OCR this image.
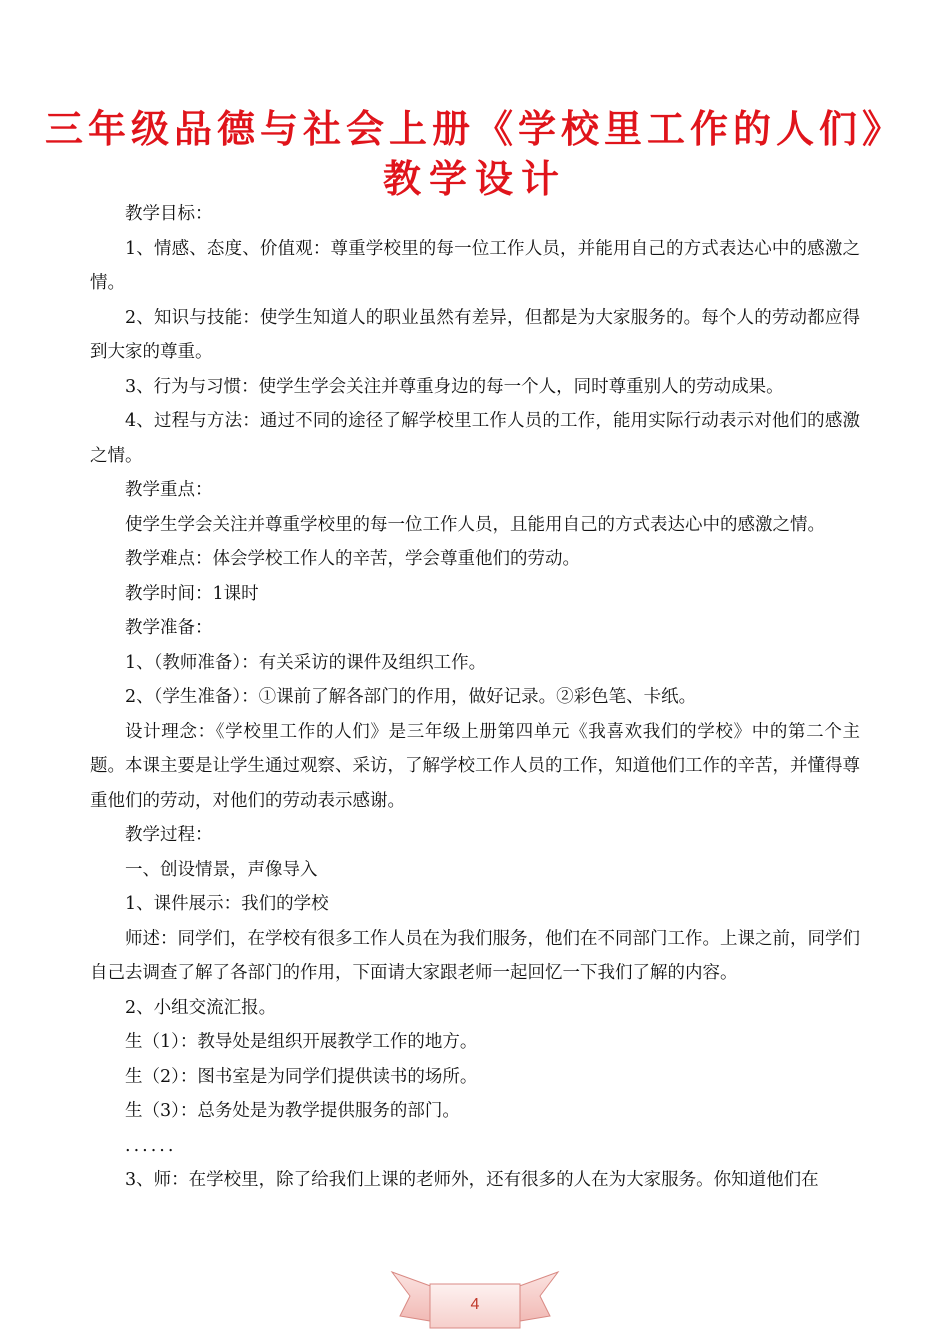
三年级品德与社会上册《学校里工作的人们》
教学设计

教学目标：

1、情感、态度、价值观：尊重学校里的每一位工作人员，并能用自己的方式表达心中的感激之情。

2、知识与技能：使学生知道人的职业虽然有差异，但都是为大家服务的。每个人的劳动都应得到大家的尊重。

3、行为与习惯：使学生学会关注并尊重身边的每一个人，同时尊重别人的劳动成果。

4、过程与方法：通过不同的途径了解学校里工作人员的工作，能用实际行动表示对他们的感激之情。

教学重点：

使学生学会关注并尊重学校里的每一位工作人员，且能用自己的方式表达心中的感激之情。

教学难点：体会学校工作人的辛苦，学会尊重他们的劳动。

教学时间：1课时

教学准备：

1、（教师准备）：有关采访的课件及组织工作。

2、（学生准备）：①课前了解各部门的作用，做好记录。②彩色笔、卡纸。

设计理念：《学校里工作的人们》是三年级上册第四单元《我喜欢我们的学校》中的第二个主题。本课主要是让学生通过观察、采访，了解学校工作人员的工作，知道他们工作的辛苦，并懂得尊重他们的劳动，对他们的劳动表示感谢。

教学过程：

一、创设情景，声像导入

1、课件展示：我们的学校

师述：同学们，在学校有很多工作人员在为我们服务，他们在不同部门工作。上课之前，同学们自己去调查了解了各部门的作用，下面请大家跟老师一起回忆一下我们了解的内容。

2、小组交流汇报。

生（1）：教导处是组织开展教学工作的地方。

生（2）：图书室是为同学们提供读书的场所。

生（3）：总务处是为教学提供服务的部门。

......

3、师：在学校里，除了给我们上课的老师外，还有很多的人在为大家服务。你知道他们在

4
